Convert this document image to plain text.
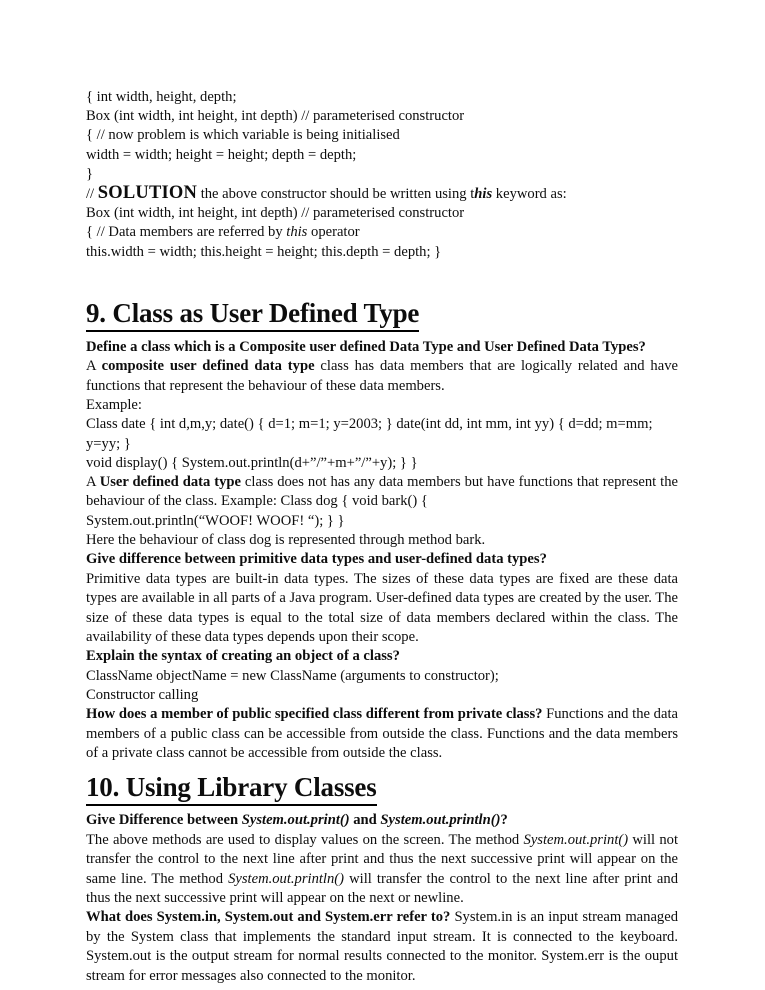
{ int width, height, depth;
Box (int width, int height, int depth) // parameterised constructor
{ // now problem is which variable is being initialised
width = width; height = height; depth = depth;
}
// SOLUTION the above constructor should be written using this keyword as:
Box (int width, int height, int depth) // parameterised constructor
{ // Data members are referred by this operator
this.width = width; this.height = height; this.depth = depth; }
9. Class as User Defined Type

Define a class which is a Composite user defined Data Type and User Defined Data Types?

A composite user defined data type class has data members that are logically related and have functions that represent the behaviour of these data members.

Example:

Class date { int d,m,y; date() { d=1; m=1; y=2003; } date(int dd, int mm, int yy) { d=dd; m=mm;
y=yy; }
void display() { System.out.println(d+”/”+m+”/”+y); } }

A User defined data type class does not has any data members but have functions that represent the behaviour of the class. Example: Class dog { void bark() {

System.out.println(“WOOF! WOOF! “); } }
Here the behaviour of class dog is represented through method bark.

Give difference between primitive data types and user-defined data types?

Primitive data types are built-in data types. The sizes of these data types are fixed are these data types are available in all parts of a Java program. User-defined data types are created by the user. The size of these data types is equal to the total size of data members declared within the class. The availability of these data types depends upon their scope.

Explain the syntax of creating an object of a class?

ClassName objectName = new ClassName (arguments to constructor);
Constructor calling

How does a member of public specified class different from private class? Functions and the data members of a public class can be accessible from outside the class. Functions and the data members of a private class cannot be accessible from outside the class.

10. Using Library Classes

Give Difference between System.out.print() and System.out.println()?

The above methods are used to display values on the screen. The method System.out.print() will not transfer the control to the next line after print and thus the next successive print will appear on the same line. The method System.out.println() will transfer the control to the next line after print and thus the next successive print will appear on the next or newline.

What does System.in, System.out and System.err refer to? System.in is an input stream managed by the System class that implements the standard input stream. It is connected to the keyboard. System.out is the output stream for normal results connected to the monitor. System.err is the ouput stream for error messages also connected to the monitor.
